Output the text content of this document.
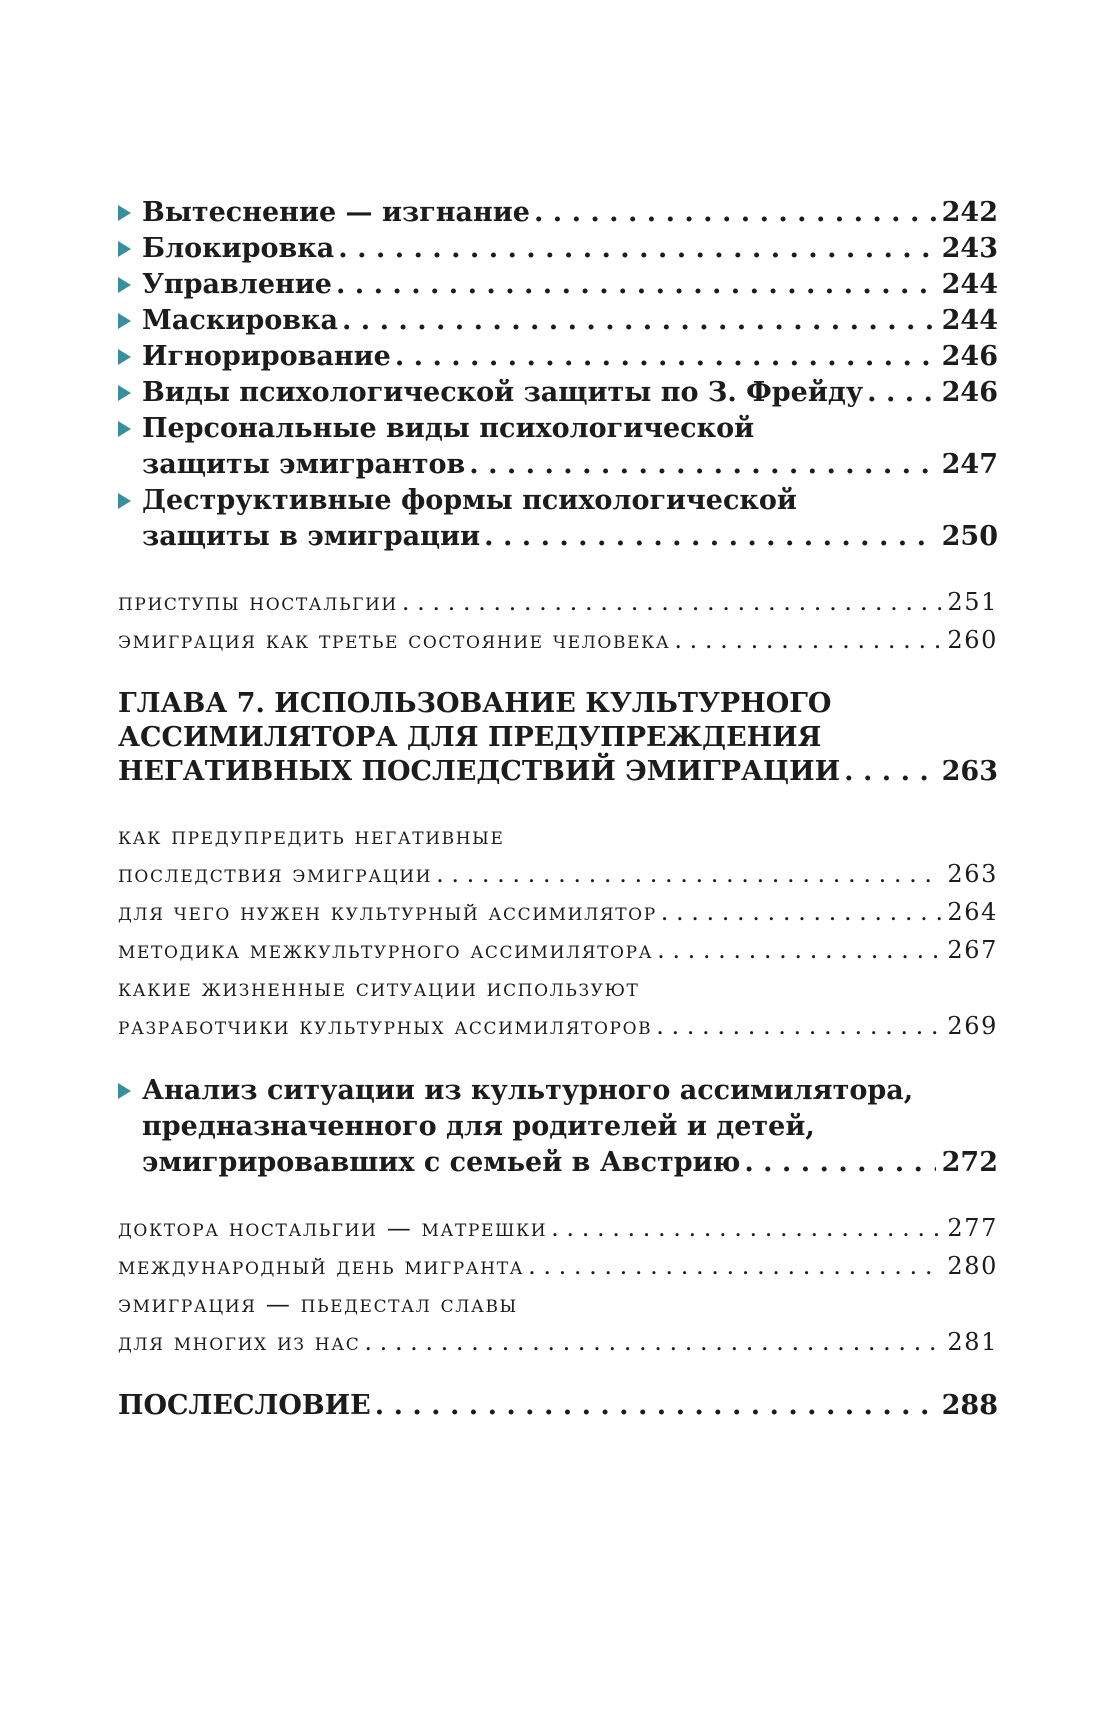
Вытеснение — изгнание . . .	242
Блокировка . . .	243
Управление . . .	244
Маскировка . . .	244
Игнорирование . . .	246
Виды психологической защиты по З. Фрейду . . .	246
Персональные виды психологической
защиты эмигрантов . . .	247
Деструктивные формы психологической
защиты в эмиграции . . .	250
приступы ностальгии . . .	251
эмиграция как третье состояние человека . . .	260
ГЛАВА 7. ИСПОЛЬЗОВАНИЕ КУЛЬТУРНОГО
АССИМИЛЯТОРА ДЛЯ ПРЕДУПРЕЖДЕНИЯ
НЕГАТИВНЫХ ПОСЛЕДСТВИЙ ЭМИГРАЦИИ . . .	263
как предупредить негативные
последствия эмиграции . . .	263
для чего нужен культурный ассимилятор . . .	264
методика межкультурного ассимилятора . . .	267
какие жизненные ситуации используют
разработчики культурных ассимиляторов . . .	269
Анализ ситуации из культурного ассимилятора,
предназначенного для родителей и детей,
эмигрировавших с семьей в Австрию . . .	272
доктора ностальгии — матрешки . . .	277
международный день мигранта . . .	280
эмиграция — пьедестал славы
для многих из нас . . .	281
ПОСЛЕСЛОВИЕ . . .	288
